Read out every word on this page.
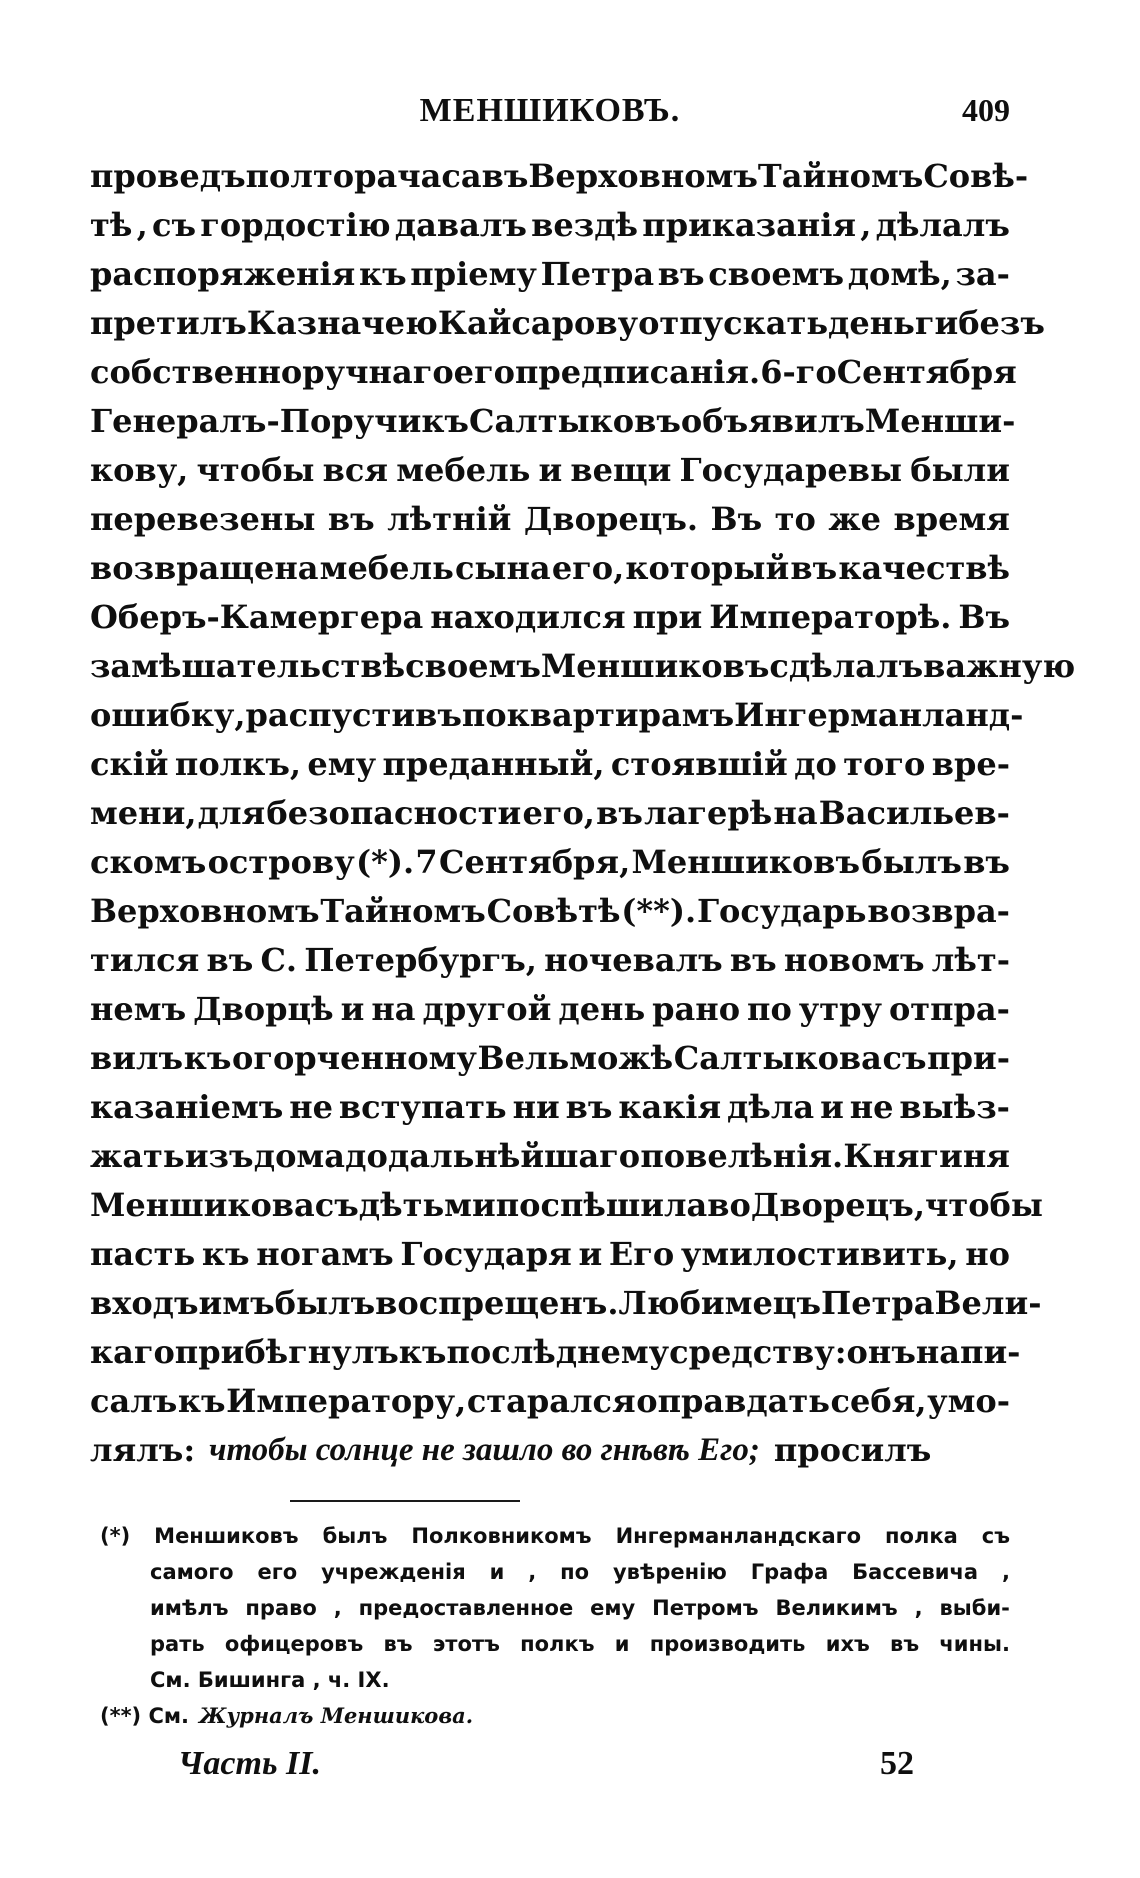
МЕНШИКОВЪ.	409
проведъ полтора часа въ Верховномъ Тайномъ Совѣ-
тѣ , съ гордостію давалъ вездѣ приказанія , дѣлалъ
распоряженія къ пріему Петра въ своемъ домѣ, за-
претилъ Казначею Кайсарову отпускать деньги безъ
собственноручнаго его предписанія. 6-го Сентября
Генералъ-Поручикъ Салтыковъ объявилъ Менши-
кову, чтобы вся мебель и вещи Государевы были
перевезены въ лѣтній Дворецъ. Въ то же время
возвращена мебель сына его, который въ качествѣ
Оберъ-Камергера находился при Императорѣ. Въ
замѣшательствѣ своемъ Меншиковъ сдѣлалъ важную
ошибку, распустивъ по квартирамъ Ингерманланд-
скій полкъ, ему преданный, стоявшій до того вре-
мени, для безопасности его, въ лагерѣ на Васильев-
скомъ острову (*). 7 Сентября, Меншиковъ былъ въ
Верховномъ Тайномъ Совѣтѣ (**). Государь возвра-
тился въ С. Петербургъ, ночевалъ въ новомъ лѣт-
немъ Дворцѣ и на другой день рано по утру отпра-
вилъ къ огорченному Вельможѣ Салтыкова съ при-
казаніемъ не вступать ни въ какія дѣла и не выѣз-
жать изъ дома до дальнѣйшаго повелѣнія. Княгиня
Меншикова съ дѣтьми поспѣшила во Дворецъ, чтобы
пасть къ ногамъ Государя и Его умилостивить, но
входъ имъ былъ воспрещенъ. Любимецъ Петра Вели-
каго прибѣгнулъ къ послѣднему средству: онъ напи-
салъ къ Императору, старался оправдать себя, умо-
лялъ: чтобы солнце не зашло во гнѣвѣ Его; просилъ
(*) Меншиковъ былъ Полковникомъ Ингерманландскаго полка съ
самого его учрежденія и , по увѣренію Графа Бассевича ,
имѣлъ право , предоставленное ему Петромъ Великимъ , выби-
рать офицеровъ въ этотъ полкъ и производить ихъ въ чины.
См. Бишинга , ч. IX.
(**) См. Журналъ Меншикова.
Часть II.	52
